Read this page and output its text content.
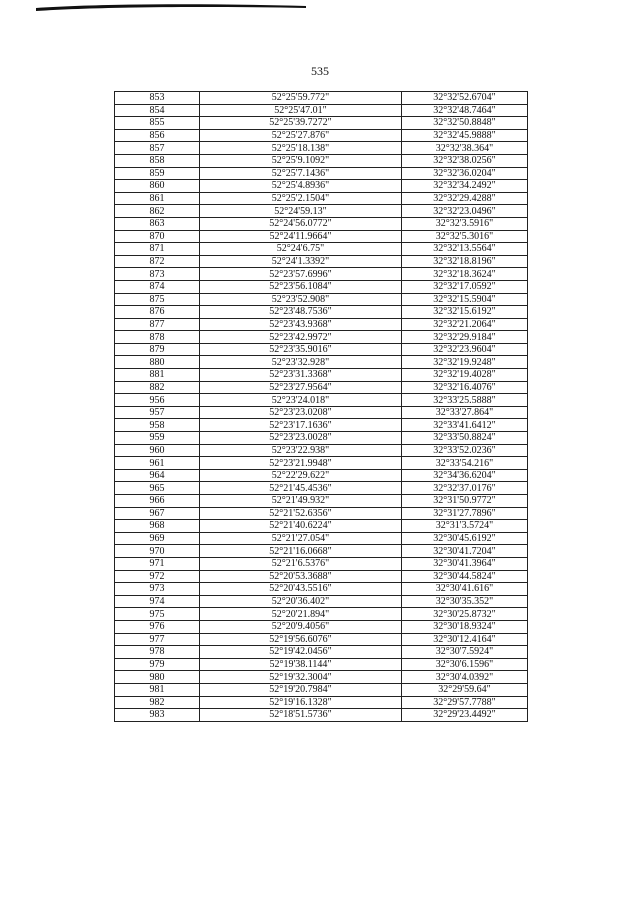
535
853	52°25'59.772"	32°32'52.6704"
854	52°25'47.01"	32°32'48.7464"
855	52°25'39.7272"	32°32'50.8848"
856	52°25'27.876"	32°32'45.9888"
857	52°25'18.138"	32°32'38.364"
858	52°25'9.1092"	32°32'38.0256"
859	52°25'7.1436"	32°32'36.0204"
860	52°25'4.8936"	32°32'34.2492"
861	52°25'2.1504"	32°32'29.4288"
862	52°24'59.13"	32°32'23.0496"
863	52°24'56.0772"	32°32'3.5916"
870	52°24'11.9664"	32°32'5.3016"
871	52°24'6.75"	32°32'13.5564"
872	52°24'1.3392"	32°32'18.8196"
873	52°23'57.6996"	32°32'18.3624"
874	52°23'56.1084"	32°32'17.0592"
875	52°23'52.908"	32°32'15.5904"
876	52°23'48.7536"	32°32'15.6192"
877	52°23'43.9368"	32°32'21.2064"
878	52°23'42.9972"	32°32'29.9184"
879	52°23'35.9016"	32°32'23.9604"
880	52°23'32.928"	32°32'19.9248"
881	52°23'31.3368"	32°32'19.4028"
882	52°23'27.9564"	32°32'16.4076"
956	52°23'24.018"	32°33'25.5888"
957	52°23'23.0208"	32°33'27.864"
958	52°23'17.1636"	32°33'41.6412"
959	52°23'23.0028"	32°33'50.8824"
960	52°23'22.938"	32°33'52.0236"
961	52°23'21.9948"	32°33'54.216"
964	52°22'29.622"	32°34'36.6204"
965	52°21'45.4536"	32°32'37.0176"
966	52°21'49.932"	32°31'50.9772"
967	52°21'52.6356"	32°31'27.7896"
968	52°21'40.6224"	32°31'3.5724"
969	52°21'27.054"	32°30'45.6192"
970	52°21'16.0668"	32°30'41.7204"
971	52°21'6.5376"	32°30'41.3964"
972	52°20'53.3688"	32°30'44.5824"
973	52°20'43.5516"	32°30'41.616"
974	52°20'36.402"	32°30'35.352"
975	52°20'21.894"	32°30'25.8732"
976	52°20'9.4056"	32°30'18.9324"
977	52°19'56.6076"	32°30'12.4164"
978	52°19'42.0456"	32°30'7.5924"
979	52°19'38.1144"	32°30'6.1596"
980	52°19'32.3004"	32°30'4.0392"
981	52°19'20.7984"	32°29'59.64"
982	52°19'16.1328"	32°29'57.7788"
983	52°18'51.5736"	32°29'23.4492"
